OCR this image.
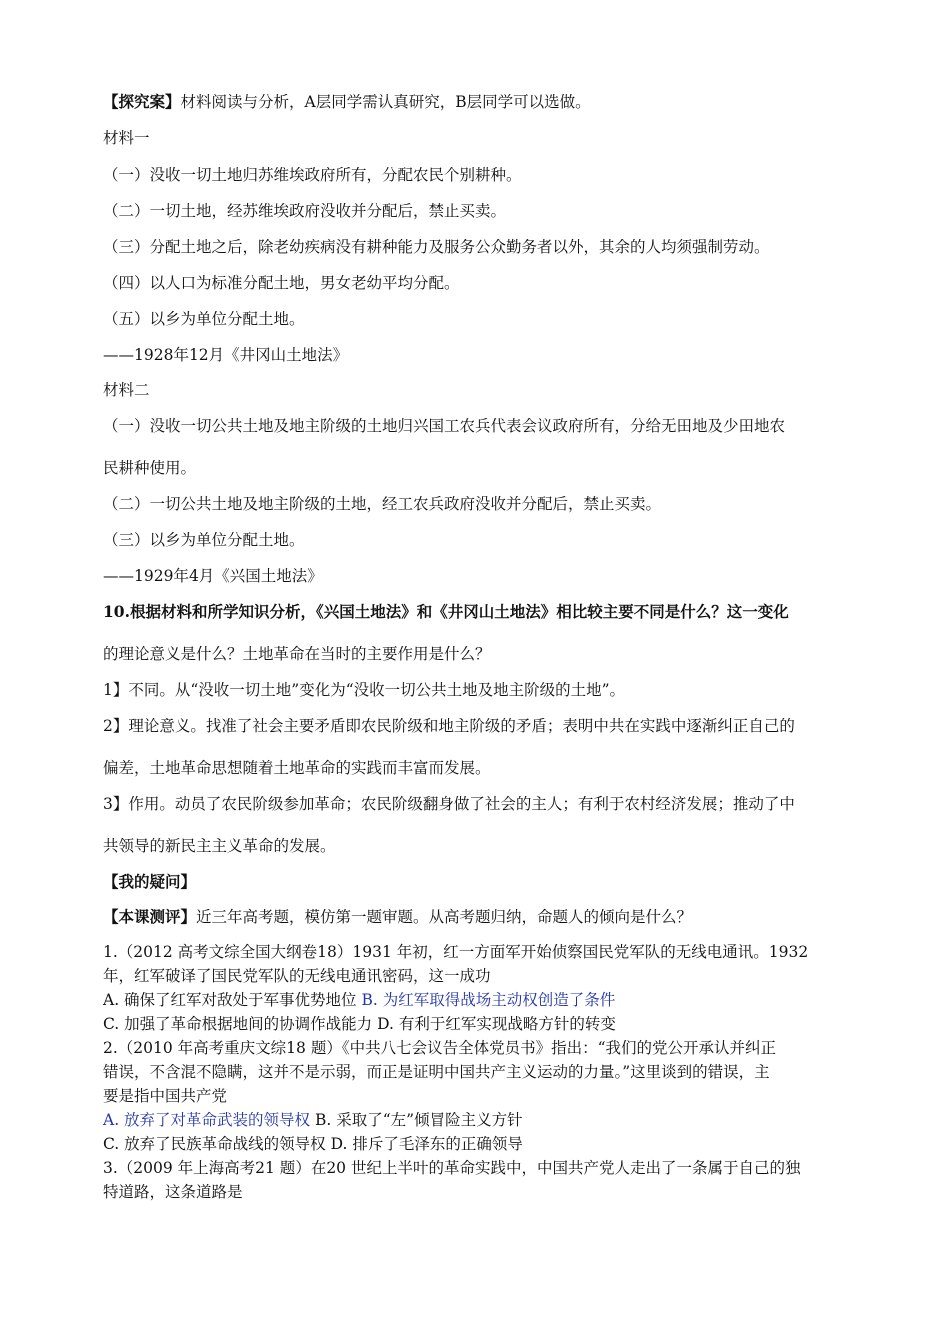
【探究案】材料阅读与分析，A层同学需认真研究，B层同学可以选做。
材料一
（一）没收一切土地归苏维埃政府所有，分配农民个别耕种。
（二）一切土地，经苏维埃政府没收并分配后，禁止买卖。
（三）分配土地之后，除老幼疾病没有耕种能力及服务公众勤务者以外，其余的人均须强制劳动。
（四）以人口为标准分配土地，男女老幼平均分配。
（五）以乡为单位分配土地。
——1928年12月《井冈山土地法》
材料二
（一）没收一切公共土地及地主阶级的土地归兴国工农兵代表会议政府所有，分给无田地及少田地农
民耕种使用。
（二）一切公共土地及地主阶级的土地，经工农兵政府没收并分配后，禁止买卖。
（三）以乡为单位分配土地。
——1929年4月《兴国土地法》
10.根据材料和所学知识分析，《兴国土地法》和《井冈山土地法》相比较主要不同是什么？这一变化
的理论意义是什么？土地革命在当时的主要作用是什么？
1】不同。从“没收一切土地”变化为“没收一切公共土地及地主阶级的土地”。
2】理论意义。找准了社会主要矛盾即农民阶级和地主阶级的矛盾；表明中共在实践中逐渐纠正自己的
偏差，土地革命思想随着土地革命的实践而丰富而发展。
3】作用。动员了农民阶级参加革命；农民阶级翻身做了社会的主人；有利于农村经济发展；推动了中
共领导的新民主主义革命的发展。
【我的疑问】
【本课测评】近三年高考题，模仿第一题审题。从高考题归纳，命题人的倾向是什么？
1.（2012 高考文综全国大纲卷18）1931 年初，红一方面军开始侦察国民党军队的无线电通讯。1932
年，红军破译了国民党军队的无线电通讯密码，这一成功
A. 确保了红军对敌处于军事优势地位 B. 为红军取得战场主动权创造了条件
C. 加强了革命根据地间的协调作战能力 D. 有利于红军实现战略方针的转变
2.（2010 年高考重庆文综18 题）《中共八七会议告全体党员书》指出：“我们的党公开承认并纠正
错误，不含混不隐瞒，这并不是示弱，而正是证明中国共产主义运动的力量。”这里谈到的错误，主
要是指中国共产党
A. 放弃了对革命武装的领导权 B. 采取了“左”倾冒险主义方针
C. 放弃了民族革命战线的领导权 D. 排斥了毛泽东的正确领导
3.（2009 年上海高考21 题）在20 世纪上半叶的革命实践中，中国共产党人走出了一条属于自己的独
特道路，这条道路是
